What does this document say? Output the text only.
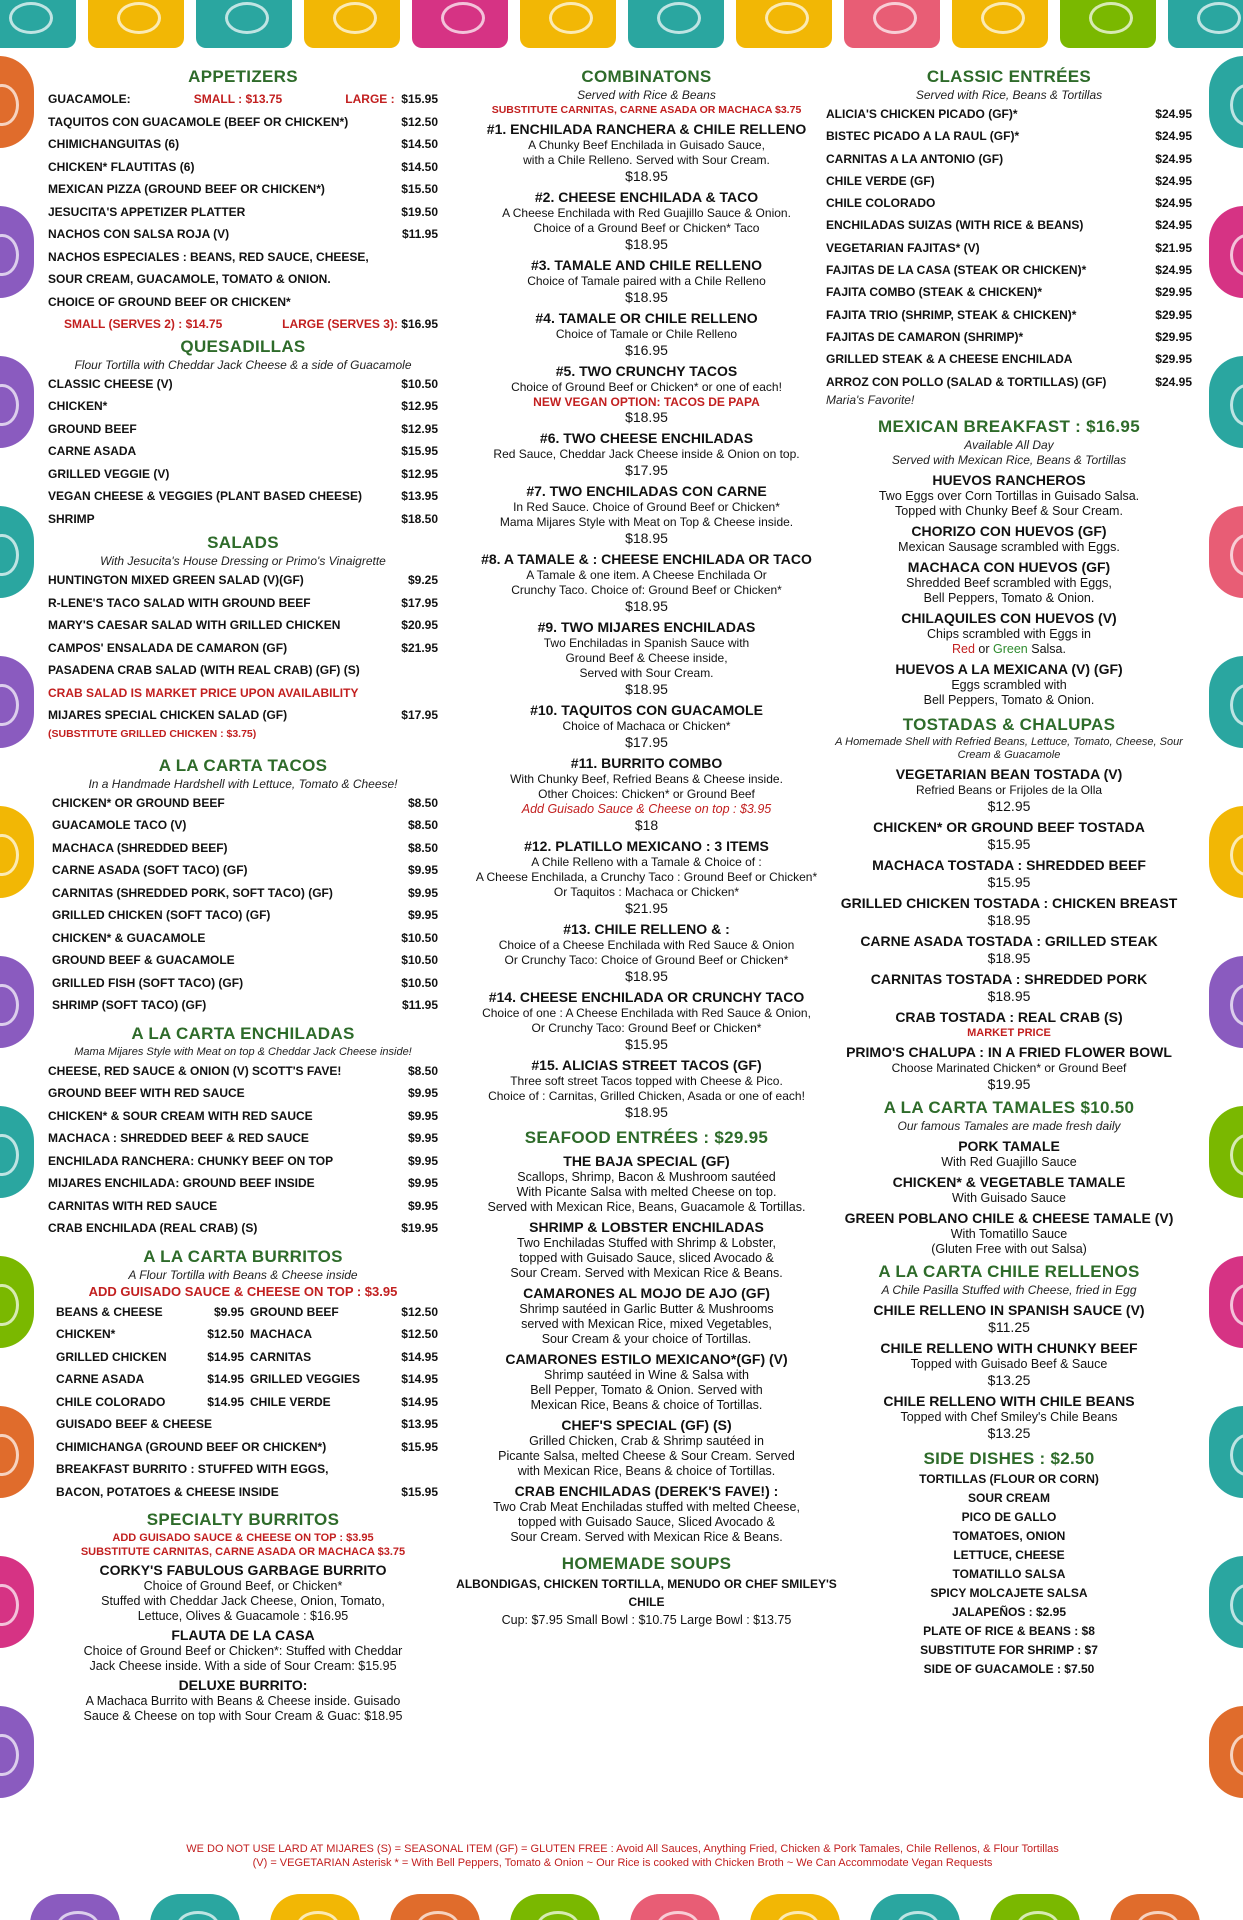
APPETIZERS
GUACAMOLE:	SMALL : $13.75	LARGE : $15.95
TAQUITOS CON GUACAMOLE (BEEF OR CHICKEN*)	$12.50
CHIMICHANGUITAS (6)	$14.50
CHICKEN* FLAUTITAS (6)	$14.50
MEXICAN PIZZA (GROUND BEEF OR CHICKEN*)	$15.50
JESUCITA'S APPETIZER PLATTER	$19.50
NACHOS CON SALSA ROJA (V)	$11.95
NACHOS ESPECIALES : BEANS, RED SAUCE, CHEESE,
SOUR CREAM, GUACAMOLE, TOMATO & ONION.
CHOICE OF GROUND BEEF OR CHICKEN*
SMALL (SERVES 2) : $14.75	LARGE (SERVES 3): $16.95
QUESADILLAS
Flour Tortilla with Cheddar Jack Cheese & a side of Guacamole
CLASSIC CHEESE (V)	$10.50
CHICKEN*	$12.95
GROUND BEEF	$12.95
CARNE ASADA	$15.95
GRILLED VEGGIE (V)	$12.95
VEGAN CHEESE & VEGGIES (PLANT BASED CHEESE)	$13.95
SHRIMP	$18.50
SALADS
With Jesucita's House Dressing or Primo's Vinaigrette
HUNTINGTON MIXED GREEN SALAD (V)(GF)	$9.25
R-LENE'S TACO SALAD WITH GROUND BEEF	$17.95
MARY'S CAESAR SALAD WITH GRILLED CHICKEN	$20.95
CAMPOS' ENSALADA DE CAMARON (GF)	$21.95
PASADENA CRAB SALAD (WITH REAL CRAB) (GF) (S)
CRAB SALAD IS MARKET PRICE UPON AVAILABILITY
MIJARES SPECIAL CHICKEN SALAD (GF)	$17.95
(SUBSTITUTE GRILLED CHICKEN : $3.75)
A LA CARTA TACOS
In a Handmade Hardshell with Lettuce, Tomato & Cheese!
CHICKEN* OR GROUND BEEF	$8.50
GUACAMOLE TACO (V)	$8.50
MACHACA (SHREDDED BEEF)	$8.50
CARNE ASADA (SOFT TACO) (GF)	$9.95
CARNITAS (SHREDDED PORK, SOFT TACO) (GF)	$9.95
GRILLED CHICKEN (SOFT TACO) (GF)	$9.95
CHICKEN* & GUACAMOLE	$10.50
GROUND BEEF & GUACAMOLE	$10.50
GRILLED FISH (SOFT TACO) (GF)	$10.50
SHRIMP (SOFT TACO) (GF)	$11.95
A LA CARTA ENCHILADAS
Mama Mijares Style with Meat on top & Cheddar Jack Cheese inside!
CHEESE, RED SAUCE & ONION (V) SCOTT'S FAVE!	$8.50
GROUND BEEF WITH RED SAUCE	$9.95
CHICKEN* & SOUR CREAM WITH RED SAUCE	$9.95
MACHACA : SHREDDED BEEF & RED SAUCE	$9.95
ENCHILADA RANCHERA: CHUNKY BEEF ON TOP	$9.95
MIJARES ENCHILADA: GROUND BEEF INSIDE	$9.95
CARNITAS WITH RED SAUCE	$9.95
CRAB ENCHILADA (REAL CRAB) (S)	$19.95
A LA CARTA BURRITOS
A Flour Tortilla with Beans & Cheese inside
ADD GUISADO SAUCE & CHEESE ON TOP : $3.95
BEANS & CHEESE	$9.95 GROUND BEEF	$12.50
CHICKEN*	$12.50 MACHACA	$12.50
GRILLED CHICKEN	$14.95 CARNITAS	$14.95
CARNE ASADA	$14.95 GRILLED VEGGIES	$14.95
CHILE COLORADO	$14.95 CHILE VERDE	$14.95
GUISADO BEEF & CHEESE	$13.95
CHIMICHANGA (GROUND BEEF OR CHICKEN*)	$15.95
BREAKFAST BURRITO : STUFFED WITH EGGS,
BACON, POTATOES & CHEESE INSIDE	$15.95
SPECIALTY BURRITOS
ADD GUISADO SAUCE & CHEESE ON TOP : $3.95
SUBSTITUTE CARNITAS, CARNE ASADA OR MACHACA $3.75
CORKY'S FABULOUS GARBAGE BURRITO
Choice of Ground Beef, or Chicken*
Stuffed with Cheddar Jack Cheese, Onion, Tomato,
Lettuce, Olives & Guacamole : $16.95
FLAUTA DE LA CASA
Choice of Ground Beef or Chicken*: Stuffed with Cheddar
Jack Cheese inside. With a side of Sour Cream: $15.95
DELUXE BURRITO:
A Machaca Burrito with Beans & Cheese inside. Guisado
Sauce & Cheese on top with Sour Cream & Guac: $18.95
COMBINATONS
Served with Rice & Beans
SUBSTITUTE CARNITAS, CARNE ASADA OR MACHACA $3.75
#1. ENCHILADA RANCHERA & CHILE RELLENO
A Chunky Beef Enchilada in Guisado Sauce,
with a Chile Relleno. Served with Sour Cream.
$18.95
#2. CHEESE ENCHILADA & TACO
A Cheese Enchilada with Red Guajillo Sauce & Onion.
Choice of a Ground Beef or Chicken* Taco
$18.95
#3. TAMALE AND CHILE RELLENO
Choice of Tamale paired with a Chile Relleno
$18.95
#4. TAMALE OR CHILE RELLENO
Choice of Tamale or Chile Relleno
$16.95
#5. TWO CRUNCHY TACOS
Choice of Ground Beef or Chicken* or one of each!
NEW VEGAN OPTION: TACOS DE PAPA
$18.95
#6. TWO CHEESE ENCHILADAS
Red Sauce, Cheddar Jack Cheese inside & Onion on top.
$17.95
#7. TWO ENCHILADAS CON CARNE
In Red Sauce. Choice of Ground Beef or Chicken*
Mama Mijares Style with Meat on Top & Cheese inside.
$18.95
#8. A TAMALE & : CHEESE ENCHILADA OR TACO
A Tamale & one item. A Cheese Enchilada Or
Crunchy Taco. Choice of: Ground Beef or Chicken*
$18.95
#9. TWO MIJARES ENCHILADAS
Two Enchiladas in Spanish Sauce with
Ground Beef & Cheese inside,
Served with Sour Cream.
$18.95
#10. TAQUITOS CON GUACAMOLE
Choice of Machaca or Chicken*
$17.95
#11. BURRITO COMBO
With Chunky Beef, Refried Beans & Cheese inside.
Other Choices: Chicken* or Ground Beef
Add Guisado Sauce & Cheese on top : $3.95
$18
#12. PLATILLO MEXICANO : 3 ITEMS
A Chile Relleno with a Tamale & Choice of :
A Cheese Enchilada, a Crunchy Taco : Ground Beef or Chicken*
Or Taquitos : Machaca or Chicken*
$21.95
#13. CHILE RELLENO & :
Choice of a Cheese Enchilada with Red Sauce & Onion
Or Crunchy Taco: Choice of Ground Beef or Chicken*
$18.95
#14. CHEESE ENCHILADA OR CRUNCHY TACO
Choice of one : A Cheese Enchilada with Red Sauce & Onion,
Or Crunchy Taco: Ground Beef or Chicken*
$15.95
#15. ALICIAS STREET TACOS (GF)
Three soft street Tacos topped with Cheese & Pico.
Choice of : Carnitas, Grilled Chicken, Asada or one of each!
$18.95
SEAFOOD ENTRÉES : $29.95
THE BAJA SPECIAL (GF)
Scallops, Shrimp, Bacon & Mushroom sautéed
With Picante Salsa with melted Cheese on top.
Served with Mexican Rice, Beans, Guacamole & Tortillas.
SHRIMP & LOBSTER ENCHILADAS
Two Enchiladas Stuffed with Shrimp & Lobster,
topped with Guisado Sauce, sliced Avocado &
Sour Cream. Served with Mexican Rice & Beans.
CAMARONES AL MOJO DE AJO (GF)
Shrimp sautéed in Garlic Butter & Mushrooms
served with Mexican Rice, mixed Vegetables,
Sour Cream & your choice of Tortillas.
CAMARONES ESTILO MEXICANO*(GF) (V)
Shrimp sautéed in Wine & Salsa with
Bell Pepper, Tomato & Onion. Served with
Mexican Rice, Beans & choice of Tortillas.
CHEF'S SPECIAL (GF) (S)
Grilled Chicken, Crab & Shrimp sautéed in
Picante Salsa, melted Cheese & Sour Cream. Served
with Mexican Rice, Beans & choice of Tortillas.
CRAB ENCHILADAS (DEREK'S FAVE!) :
Two Crab Meat Enchiladas stuffed with melted Cheese,
topped with Guisado Sauce, Sliced Avocado &
Sour Cream. Served with Mexican Rice & Beans.
HOMEMADE SOUPS
ALBONDIGAS, CHICKEN TORTILLA, MENUDO OR CHEF SMILEY'S CHILE
Cup: $7.95 Small Bowl : $10.75 Large Bowl : $13.75
CLASSIC ENTRÉES
Served with Rice, Beans & Tortillas
ALICIA'S CHICKEN PICADO (GF)*	$24.95
BISTEC PICADO A LA RAUL (GF)*	$24.95
CARNITAS A LA ANTONIO (GF)	$24.95
CHILE VERDE (GF)	$24.95
CHILE COLORADO	$24.95
ENCHILADAS SUIZAS (WITH RICE & BEANS)	$24.95
VEGETARIAN FAJITAS* (V)	$21.95
FAJITAS DE LA CASA (STEAK OR CHICKEN)*	$24.95
FAJITA COMBO (STEAK & CHICKEN)*	$29.95
FAJITA TRIO (SHRIMP, STEAK & CHICKEN)*	$29.95
FAJITAS DE CAMARON (SHRIMP)*	$29.95
GRILLED STEAK & A CHEESE ENCHILADA	$29.95
ARROZ CON POLLO (SALAD & TORTILLAS) (GF)	$24.95
Maria's Favorite!
MEXICAN BREAKFAST : $16.95
Available All Day
Served with Mexican Rice, Beans & Tortillas
HUEVOS RANCHEROS
Two Eggs over Corn Tortillas in Guisado Salsa.
Topped with Chunky Beef & Sour Cream.
CHORIZO CON HUEVOS (GF)
Mexican Sausage scrambled with Eggs.
MACHACA CON HUEVOS (GF)
Shredded Beef scrambled with Eggs,
Bell Peppers, Tomato & Onion.
CHILAQUILES CON HUEVOS (V)
Chips scrambled with Eggs in
Red or Green Salsa.
HUEVOS A LA MEXICANA (V) (GF)
Eggs scrambled with
Bell Peppers, Tomato & Onion.
TOSTADAS & CHALUPAS
A Homemade Shell with Refried Beans, Lettuce, Tomato, Cheese, Sour Cream & Guacamole
VEGETARIAN BEAN TOSTADA (V)
Refried Beans or Frijoles de la Olla
$12.95
CHICKEN* OR GROUND BEEF TOSTADA
$15.95
MACHACA TOSTADA : SHREDDED BEEF
$15.95
GRILLED CHICKEN TOSTADA : CHICKEN BREAST
$18.95
CARNE ASADA TOSTADA : GRILLED STEAK
$18.95
CARNITAS TOSTADA : SHREDDED PORK
$18.95
CRAB TOSTADA : REAL CRAB (S)
MARKET PRICE
PRIMO'S CHALUPA : IN A FRIED FLOWER BOWL
Choose Marinated Chicken* or Ground Beef
$19.95
A LA CARTA TAMALES $10.50
Our famous Tamales are made fresh daily
PORK TAMALE
With Red Guajillo Sauce
CHICKEN* & VEGETABLE TAMALE
With Guisado Sauce
GREEN POBLANO CHILE & CHEESE TAMALE (V)
With Tomatillo Sauce
(Gluten Free with out Salsa)
A LA CARTA CHILE RELLENOS
A Chile Pasilla Stuffed with Cheese, fried in Egg
CHILE RELLENO IN SPANISH SAUCE (V)
$11.25
CHILE RELLENO WITH CHUNKY BEEF
Topped with Guisado Beef & Sauce
$13.25
CHILE RELLENO WITH CHILE BEANS
Topped with Chef Smiley's Chile Beans
$13.25
SIDE DISHES : $2.50
TORTILLAS (FLOUR OR CORN)
SOUR CREAM
PICO DE GALLO
TOMATOES, ONION
LETTUCE, CHEESE
TOMATILLO SALSA
SPICY MOLCAJETE SALSA
JALAPEÑOS : $2.95
PLATE OF RICE & BEANS : $8
SUBSTITUTE FOR SHRIMP : $7
SIDE OF GUACAMOLE : $7.50
WE DO NOT USE LARD AT MIJARES (S) = SEASONAL ITEM (GF) = GLUTEN FREE : Avoid All Sauces, Anything Fried, Chicken & Pork Tamales, Chile Rellenos, & Flour Tortillas
(V) = VEGETARIAN Asterisk * = With Bell Peppers, Tomato & Onion ~ Our Rice is cooked with Chicken Broth ~ We Can Accommodate Vegan Requests
